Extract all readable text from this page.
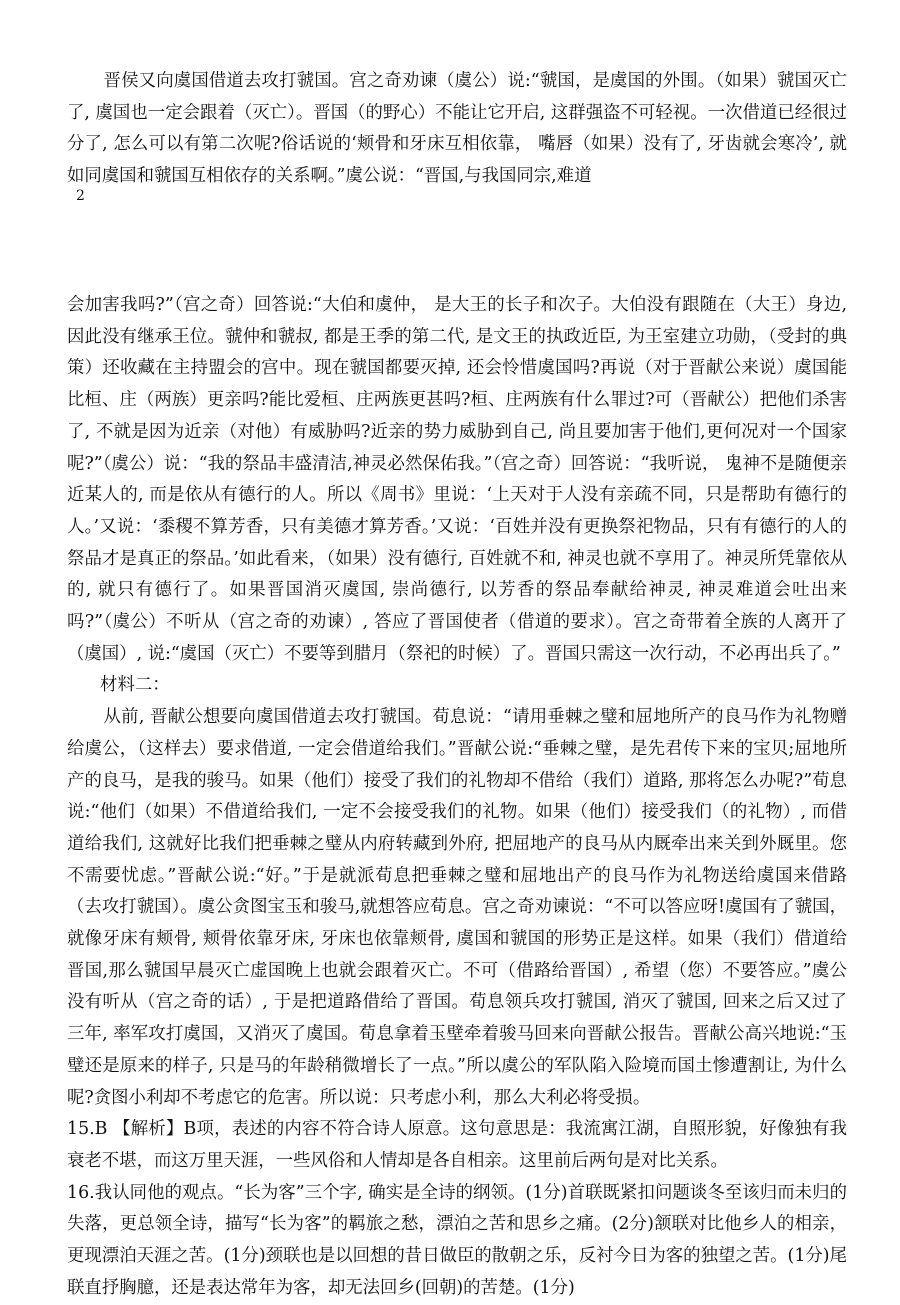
晋侯又向虞国借道去攻打虢国。宫之奇劝谏（虞公）说:“虢国，是虞国的外围。（如果）虢国灭亡了, 虞国也一定会跟着（灭亡）。晋国（的野心）不能让它开启, 这群强盗不可轻视。一次借道已经很过分了, 怎么可以有第二次呢?俗话说的‘颊骨和牙床互相依靠， 嘴唇（如果）没有了, 牙齿就会寒冷’, 就如同虞国和虢国互相依存的关系啊。”虞公说：“晋国,与我国同宗,难道

2

会加害我吗?”（宫之奇）回答说:“大伯和虞仲， 是大王的长子和次子。大伯没有跟随在（大王）身边, 因此没有继承王位。虢仲和虢叔, 都是王季的第二代, 是文王的执政近臣, 为王室建立功勋，（受封的典策）还收藏在主持盟会的宫中。现在虢国都要灭掉, 还会怜惜虞国吗?再说（对于晋献公来说）虞国能比桓、庄（两族）更亲吗?能比爱桓、庄两族更甚吗?桓、庄两族有什么罪过?可（晋献公）把他们杀害了, 不就是因为近亲（对他）有威胁吗?近亲的势力威胁到自己, 尚且要加害于他们,更何况对一个国家呢?”（虞公）说：“我的祭品丰盛清洁,神灵必然保佑我。”（宫之奇）回答说：“我听说， 鬼神不是随便亲近某人的, 而是依从有德行的人。所以《周书》里说：‘上天对于人没有亲疏不同，只是帮助有德行的人。’又说：‘黍稷不算芳香，只有美德才算芳香。’又说：‘百姓并没有更换祭祀物品，只有有德行的人的祭品才是真正的祭品。’如此看来，（如果）没有德行, 百姓就不和, 神灵也就不享用了。神灵所凭靠依从的, 就只有德行了。如果晋国消灭虞国, 崇尚德行, 以芳香的祭品奉献给神灵, 神灵难道会吐出来吗?”（虞公）不听从（宫之奇的劝谏）, 答应了晋国使者（借道的要求）。宫之奇带着全族的人离开了（虞国）, 说:“虞国（灭亡）不要等到腊月（祭祀的时候）了。晋国只需这一次行动，不必再出兵了。”

材料二：

从前, 晋献公想要向虞国借道去攻打虢国。荀息说：“请用垂棘之璧和屈地所产的良马作为礼物赠给虞公，（这样去）要求借道, 一定会借道给我们。”晋献公说:“垂棘之璧，是先君传下来的宝贝;屈地所产的良马，是我的骏马。如果（他们）接受了我们的礼物却不借给（我们）道路, 那将怎么办呢?”荀息说:“他们（如果）不借道给我们, 一定不会接受我们的礼物。如果（他们）接受我们（的礼物）, 而借道给我们, 这就好比我们把垂棘之璧从内府转藏到外府, 把屈地产的良马从内厩牵出来关到外厩里。您不需要忧虑。”晋献公说:“好。”于是就派荀息把垂棘之璧和屈地出产的良马作为礼物送给虞国来借路（去攻打虢国）。虞公贪图宝玉和骏马,就想答应荀息。宫之奇劝谏说：“不可以答应呀!虞国有了虢国， 就像牙床有颊骨, 颊骨依靠牙床, 牙床也依靠颊骨, 虞国和虢国的形势正是这样。如果（我们）借道给晋国,那么虢国早晨灭亡虚国晚上也就会跟着灭亡。不可（借路给晋国）, 希望（您）不要答应。”虞公没有听从（宫之奇的话）, 于是把道路借给了晋国。荀息领兵攻打虢国, 消灭了虢国, 回来之后又过了三年, 率军攻打虞国，又消灭了虞国。荀息拿着玉壁牵着骏马回来向晋献公报告。晋献公高兴地说:“玉璧还是原来的样子, 只是马的年龄稍微增长了一点。”所以虞公的军队陷入险境而国土惨遭割让, 为什么呢?贪图小利却不考虑它的危害。所以说：只考虑小利，那么大利必将受损。

15.B 【解析】B项，表述的内容不符合诗人原意。这句意思是：我流寓江湖，自照形貌，好像独有我衰老不堪，而这万里天涯，一些风俗和人情却是各自相亲。这里前后两句是对比关系。

16.我认同他的观点。“长为客”三个字, 确实是全诗的纲领。(1分)首联既紧扣问题谈冬至该归而未归的失落，更总领全诗，描写“长为客”的羁旅之愁，漂泊之苦和思乡之痛。(2分)颔联对比他乡人的相亲，更现漂泊天涯之苦。(1分)颈联也是以回想的昔日做臣的散朝之乐，反衬今日为客的独望之苦。(1分)尾联直抒胸臆，还是表达常年为客，却无法回乡(回朝)的苦楚。(1分)
